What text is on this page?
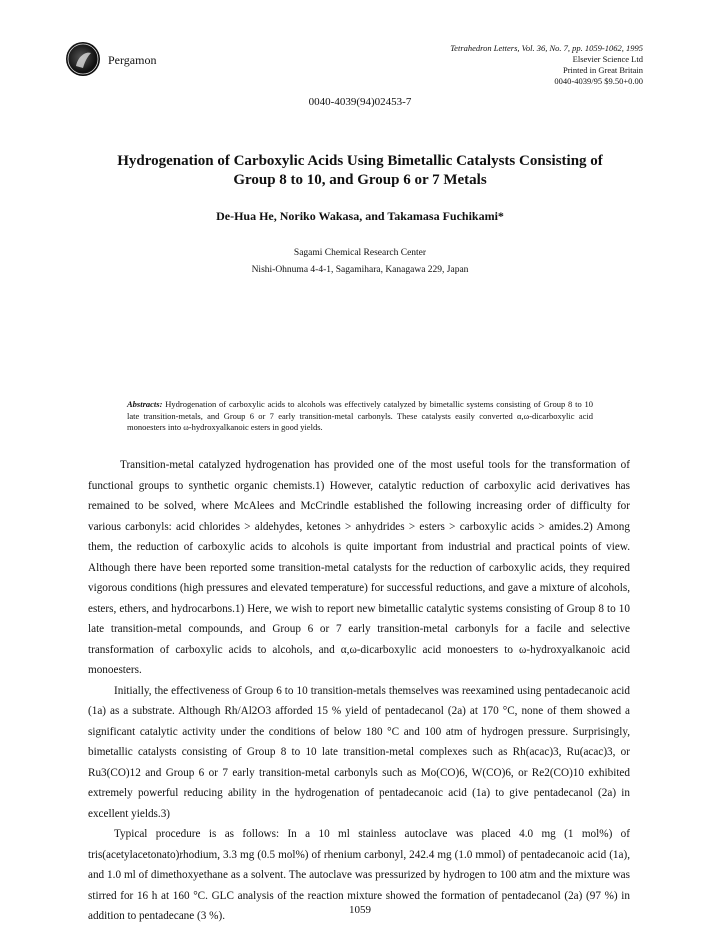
Pergamon
Tetrahedron Letters, Vol. 36, No. 7, pp. 1059-1062, 1995
Elsevier Science Ltd
Printed in Great Britain
0040-4039/95 $9.50+0.00
0040-4039(94)02453-7
Hydrogenation of Carboxylic Acids Using Bimetallic Catalysts Consisting of Group 8 to 10, and Group 6 or 7 Metals
De-Hua He, Noriko Wakasa, and Takamasa Fuchikami*
Sagami Chemical Research Center
Nishi-Ohnuma 4-4-1, Sagamihara, Kanagawa 229, Japan
Abstracts: Hydrogenation of carboxylic acids to alcohols was effectively catalyzed by bimetallic systems consisting of Group 8 to 10 late transition-metals, and Group 6 or 7 early transition-metal carbonyls. These catalysts easily converted α,ω-dicarboxylic acid monoesters into ω-hydroxyalkanoic esters in good yields.

Transition-metal catalyzed hydrogenation has provided one of the most useful tools for the transformation of functional groups to synthetic organic chemists.1) However, catalytic reduction of carboxylic acid derivatives has remained to be solved, where McAlees and McCrindle established the following increasing order of difficulty for various carbonyls: acid chlorides > aldehydes, ketones > anhydrides > esters > carboxylic acids > amides.2) Among them, the reduction of carboxylic acids to alcohols is quite important from industrial and practical points of view. Although there have been reported some transition-metal catalysts for the reduction of carboxylic acids, they required vigorous conditions (high pressures and elevated temperature) for successful reductions, and gave a mixture of alcohols, esters, ethers, and hydrocarbons.1) Here, we wish to report new bimetallic catalytic systems consisting of Group 8 to 10 late transition-metal compounds, and Group 6 or 7 early transition-metal carbonyls for a facile and selective transformation of carboxylic acids to alcohols, and α,ω-dicarboxylic acid monoesters to ω-hydroxyalkanoic acid monoesters.

Initially, the effectiveness of Group 6 to 10 transition-metals themselves was reexamined using pentadecanoic acid (1a) as a substrate. Although Rh/Al2O3 afforded 15 % yield of pentadecanol (2a) at 170 °C, none of them showed a significant catalytic activity under the conditions of below 180 °C and 100 atm of hydrogen pressure. Surprisingly, bimetallic catalysts consisting of Group 8 to 10 late transition-metal complexes such as Rh(acac)3, Ru(acac)3, or Ru3(CO)12 and Group 6 or 7 early transition-metal carbonyls such as Mo(CO)6, W(CO)6, or Re2(CO)10 exhibited extremely powerful reducing ability in the hydrogenation of pentadecanoic acid (1a) to give pentadecanol (2a) in excellent yields.3)

Typical procedure is as follows: In a 10 ml stainless autoclave was placed 4.0 mg (1 mol%) of tris(acetylacetonato)rhodium, 3.3 mg (0.5 mol%) of rhenium carbonyl, 242.4 mg (1.0 mmol) of pentadecanoic acid (1a), and 1.0 ml of dimethoxyethane as a solvent. The autoclave was pressurized by hydrogen to 100 atm and the mixture was stirred for 16 h at 160 °C. GLC analysis of the reaction mixture showed the formation of pentadecanol (2a) (97 %) in addition to pentadecane (3 %).	1059
